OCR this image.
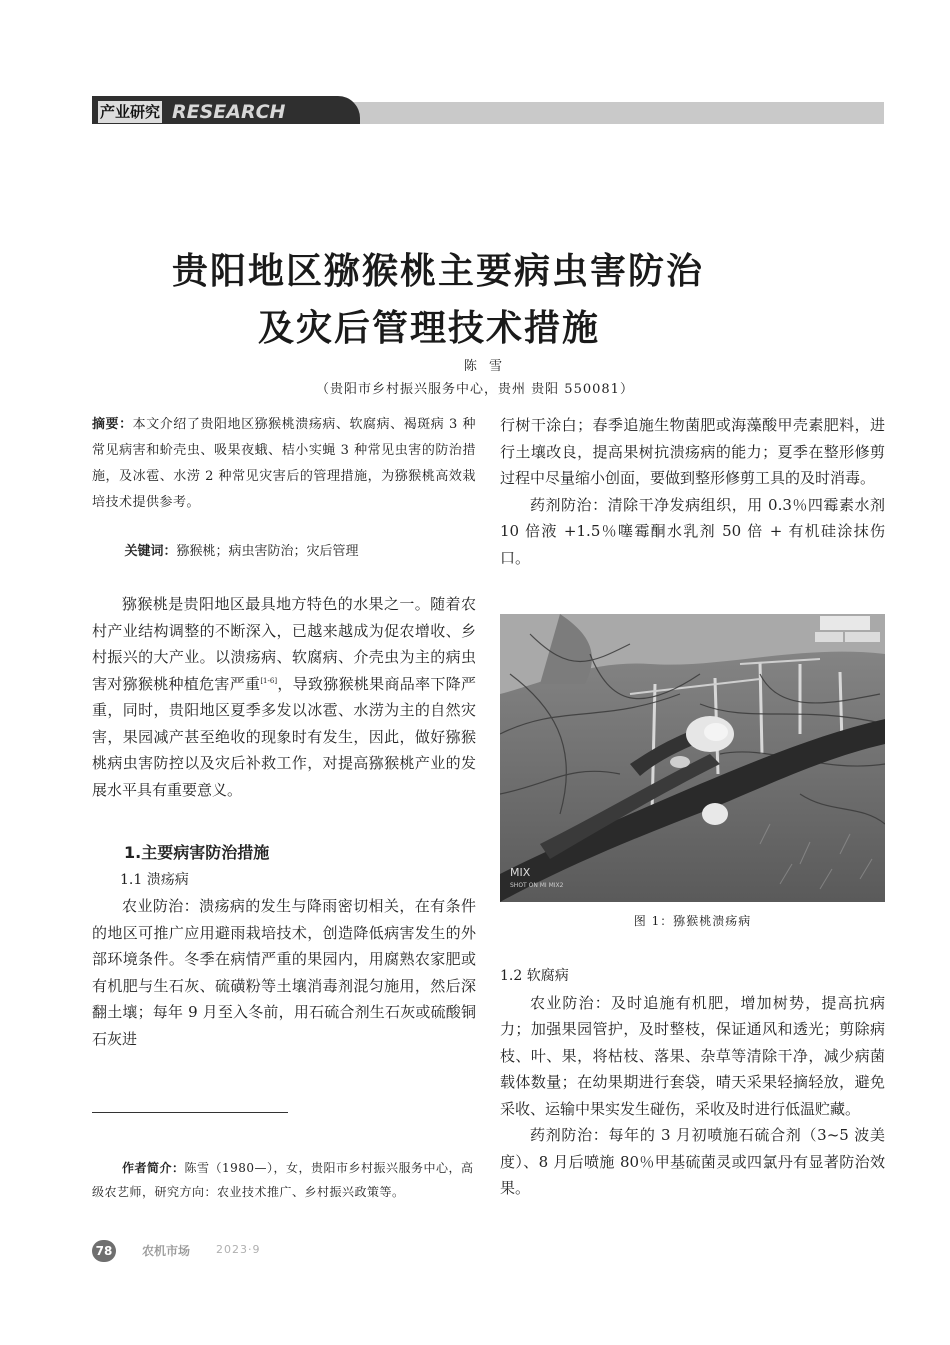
产业研究 RESEARCH
贵阳地区猕猴桃主要病虫害防治
及灾后管理技术措施
陈 雪
（贵阳市乡村振兴服务中心，贵州 贵阳 550081）
摘要：本文介绍了贵阳地区猕猴桃溃疡病、软腐病、褐斑病 3 种常见病害和蚧壳虫、吸果夜蛾、桔小实蝇 3 种常见虫害的防治措施，及冰雹、水涝 2 种常见灾害后的管理措施，为猕猴桃高效栽培技术提供参考。
关键词：猕猴桃；病虫害防治；灾后管理

猕猴桃是贵阳地区最具地方特色的水果之一。随着农村产业结构调整的不断深入，已越来越成为促农增收、乡村振兴的大产业。以溃疡病、软腐病、介壳虫为主的病虫害对猕猴桃种植危害严重[1-6]，导致猕猴桃果商品率下降严重，同时，贵阳地区夏季多发以冰雹、水涝为主的自然灾害，果园减产甚至绝收的现象时有发生，因此，做好猕猴桃病虫害防控以及灾后补救工作，对提高猕猴桃产业的发展水平具有重要意义。

1.主要病害防治措施

1.1 溃疡病

农业防治：溃疡病的发生与降雨密切相关，在有条件的地区可推广应用避雨栽培技术，创造降低病害发生的外部环境条件。冬季在病情严重的果园内，用腐熟农家肥或有机肥与生石灰、硫磺粉等土壤消毒剂混匀施用，然后深翻土壤；每年 9 月至入冬前，用石硫合剂生石灰或硫酸铜石灰进

作者简介：陈雪（1980—），女，贵阳市乡村振兴服务中心，高级农艺师，研究方向：农业技术推广、乡村振兴政策等。

行树干涂白；春季追施生物菌肥或海藻酸甲壳素肥料，进行土壤改良，提高果树抗溃疡病的能力；夏季在整形修剪过程中尽量缩小创面，要做到整形修剪工具的及时消毒。

药剂防治：清除干净发病组织，用 0.3％四霉素水剂 10 倍液 +1.5％噻霉酮水乳剂 50 倍 + 有机硅涂抹伤口。

MIX
SHOT ON MI MIX2
图 1：猕猴桃溃疡病

1.2 软腐病

农业防治：及时追施有机肥，增加树势，提高抗病力；加强果园管护，及时整枝，保证通风和透光；剪除病枝、叶、果，将枯枝、落果、杂草等清除干净，减少病菌载体数量；在幼果期进行套袋，晴天采果轻摘轻放，避免采收、运输中果实发生碰伤，采收及时进行低温贮藏。

药剂防治：每年的 3 月初喷施石硫合剂（3~5 波美度）、8 月后喷施 80％甲基硫菌灵或四氯丹有显著防治效果。

78	农机市场 2023·9
